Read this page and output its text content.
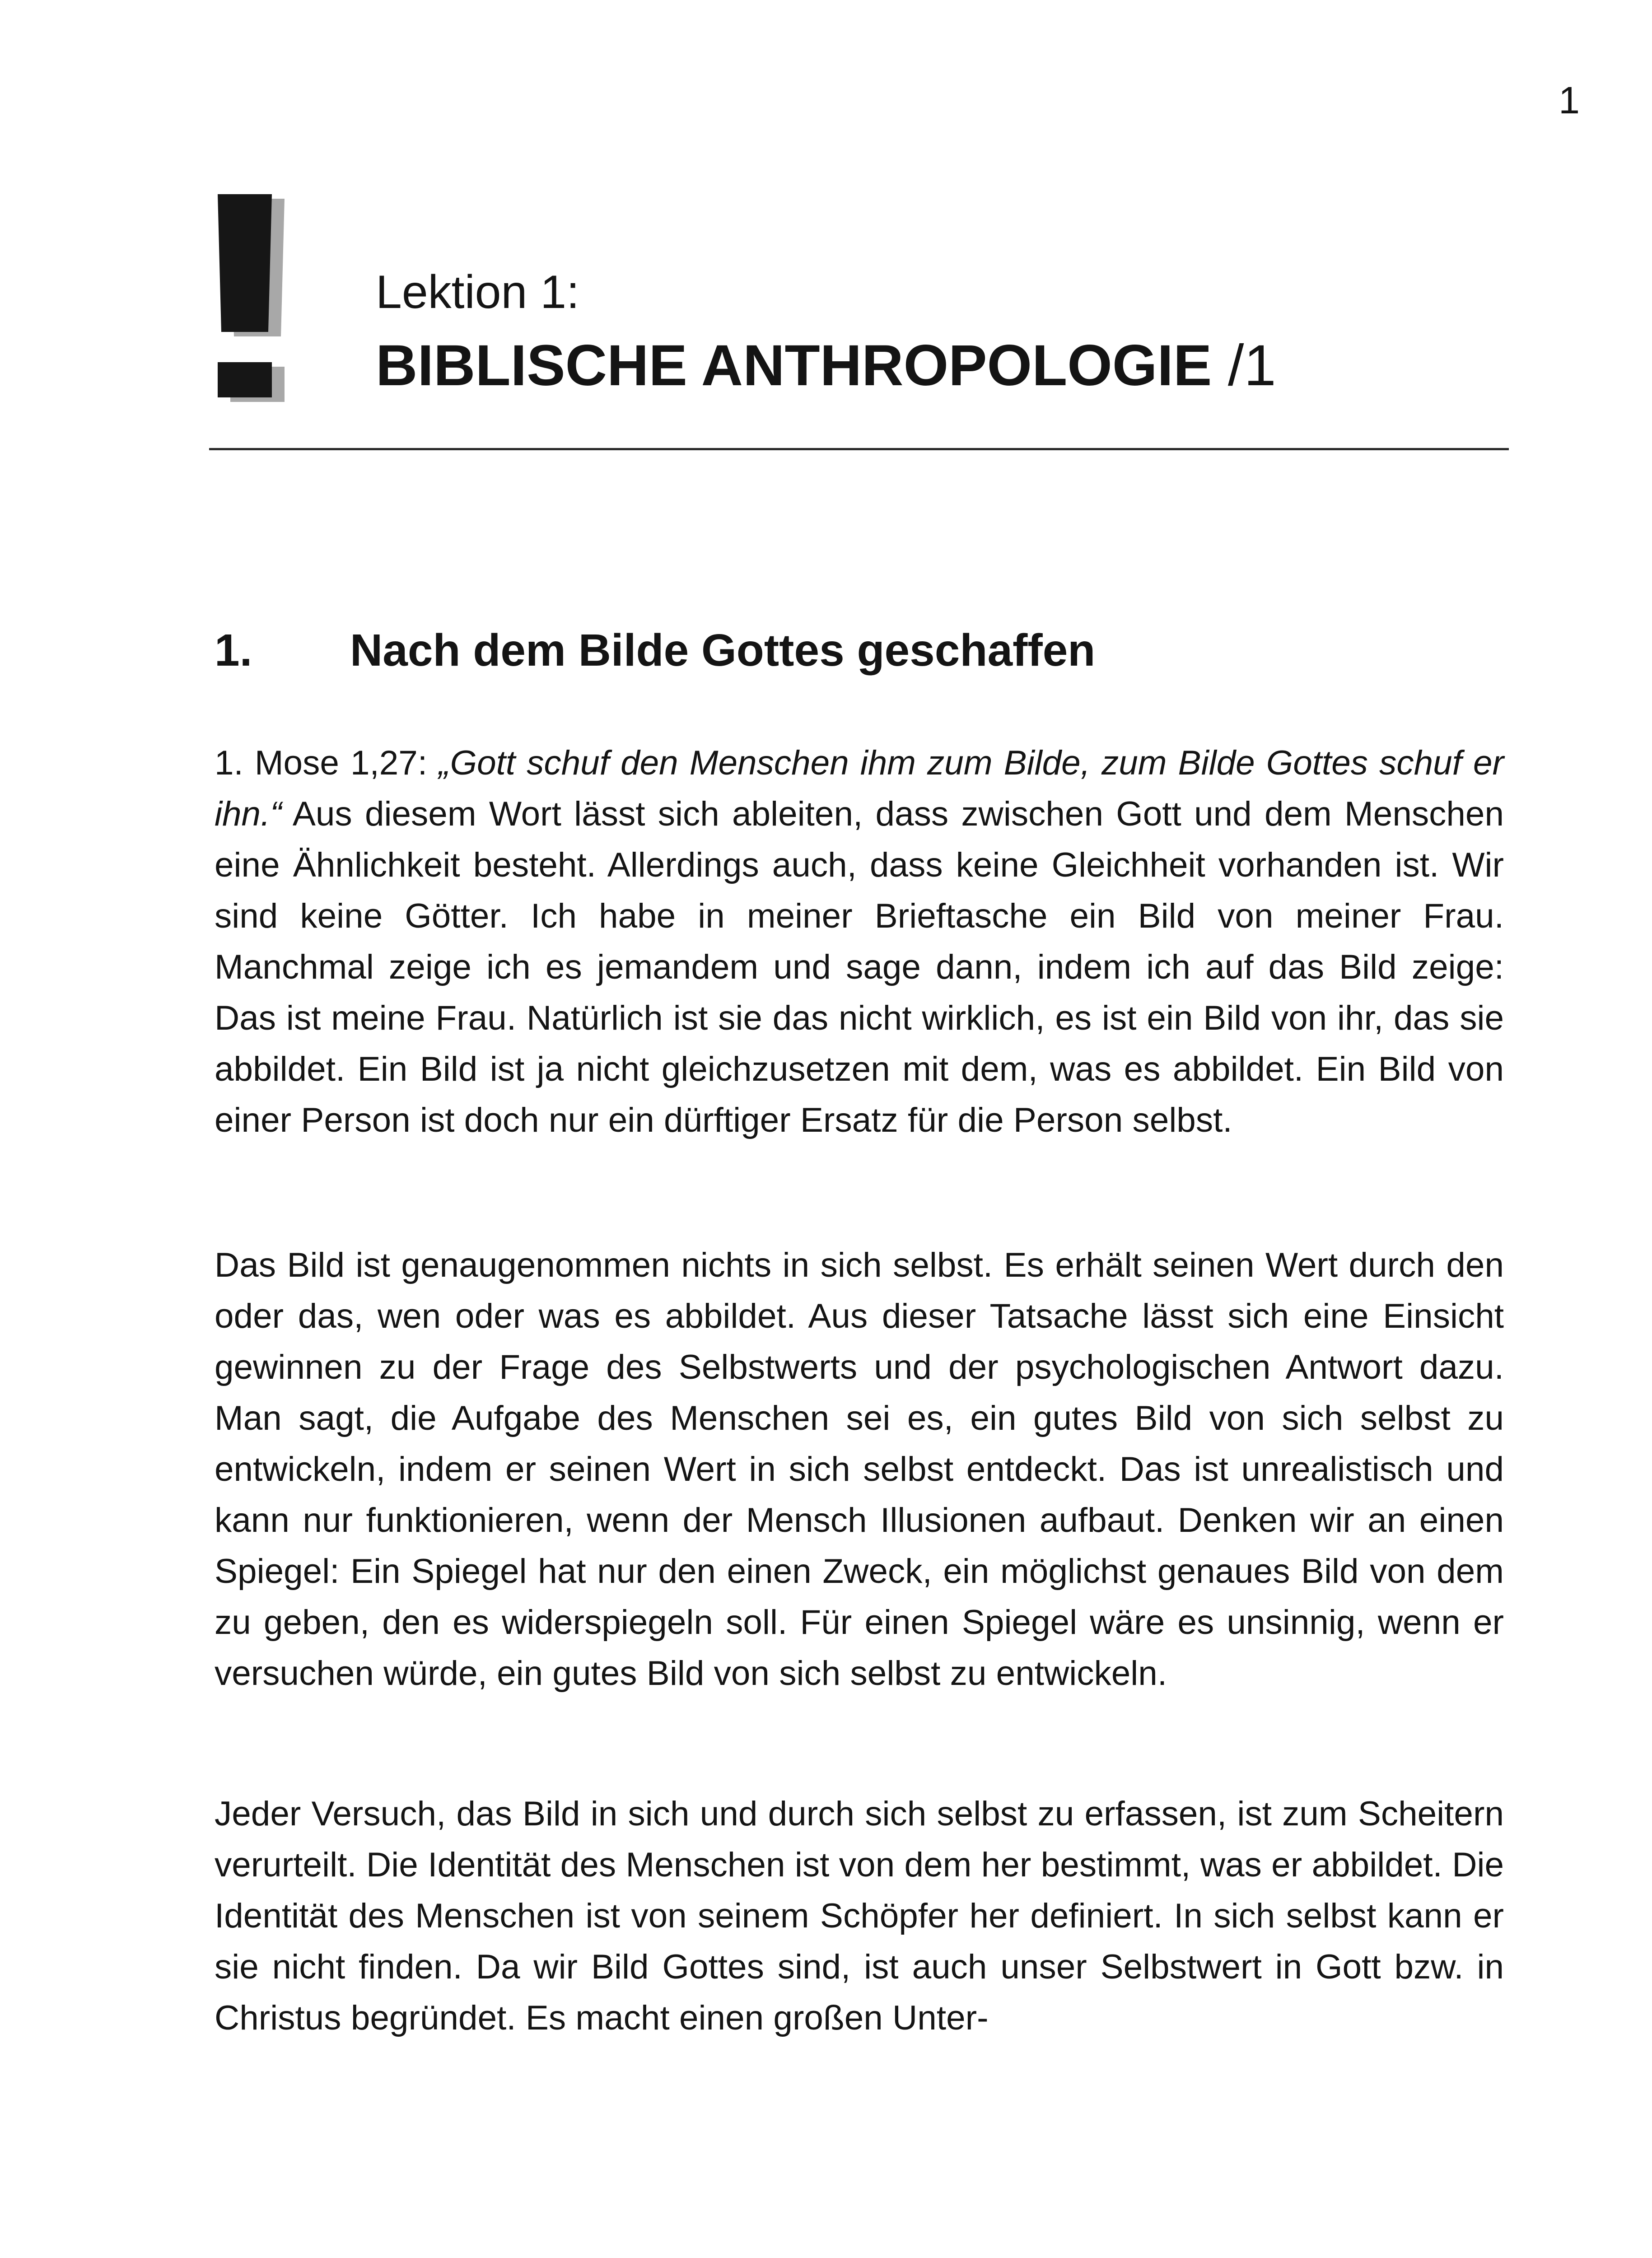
1
Lektion 1:
BIBLISCHE ANTHROPOLOGIE /1
1. Nach dem Bilde Gottes geschaffen
1. Mose 1,27: „Gott schuf den Menschen ihm zum Bilde, zum Bilde Gottes schuf er ihn.“ Aus diesem Wort lässt sich ableiten, dass zwischen Gott und dem Menschen eine Ähnlichkeit besteht. Allerdings auch, dass keine Gleichheit vorhanden ist. Wir sind keine Götter. Ich habe in meiner Brieftasche ein Bild von meiner Frau. Manchmal zeige ich es jemandem und sage dann, indem ich auf das Bild zeige: Das ist meine Frau. Natürlich ist sie das nicht wirklich, es ist ein Bild von ihr, das sie abbildet. Ein Bild ist ja nicht gleichzusetzen mit dem, was es abbildet. Ein Bild von einer Person ist doch nur ein dürftiger Ersatz für die Person selbst.
Das Bild ist genaugenommen nichts in sich selbst. Es erhält seinen Wert durch den oder das, wen oder was es abbildet. Aus dieser Tatsache lässt sich eine Einsicht gewinnen zu der Frage des Selbstwerts und der psychologischen Antwort dazu. Man sagt, die Aufgabe des Menschen sei es, ein gutes Bild von sich selbst zu entwickeln, indem er seinen Wert in sich selbst entdeckt. Das ist unrealistisch und kann nur funktionieren, wenn der Mensch Illusionen aufbaut. Denken wir an einen Spiegel: Ein Spiegel hat nur den einen Zweck, ein möglichst genaues Bild von dem zu geben, den es widerspiegeln soll. Für einen Spiegel wäre es unsinnig, wenn er versuchen würde, ein gutes Bild von sich selbst zu entwickeln.
Jeder Versuch, das Bild in sich und durch sich selbst zu erfassen, ist zum Scheitern verurteilt. Die Identität des Menschen ist von dem her bestimmt, was er abbildet. Die Identität des Menschen ist von seinem Schöpfer her definiert. In sich selbst kann er sie nicht finden. Da wir Bild Gottes sind, ist auch unser Selbstwert in Gott bzw. in Christus begründet. Es macht einen großen Unter-
